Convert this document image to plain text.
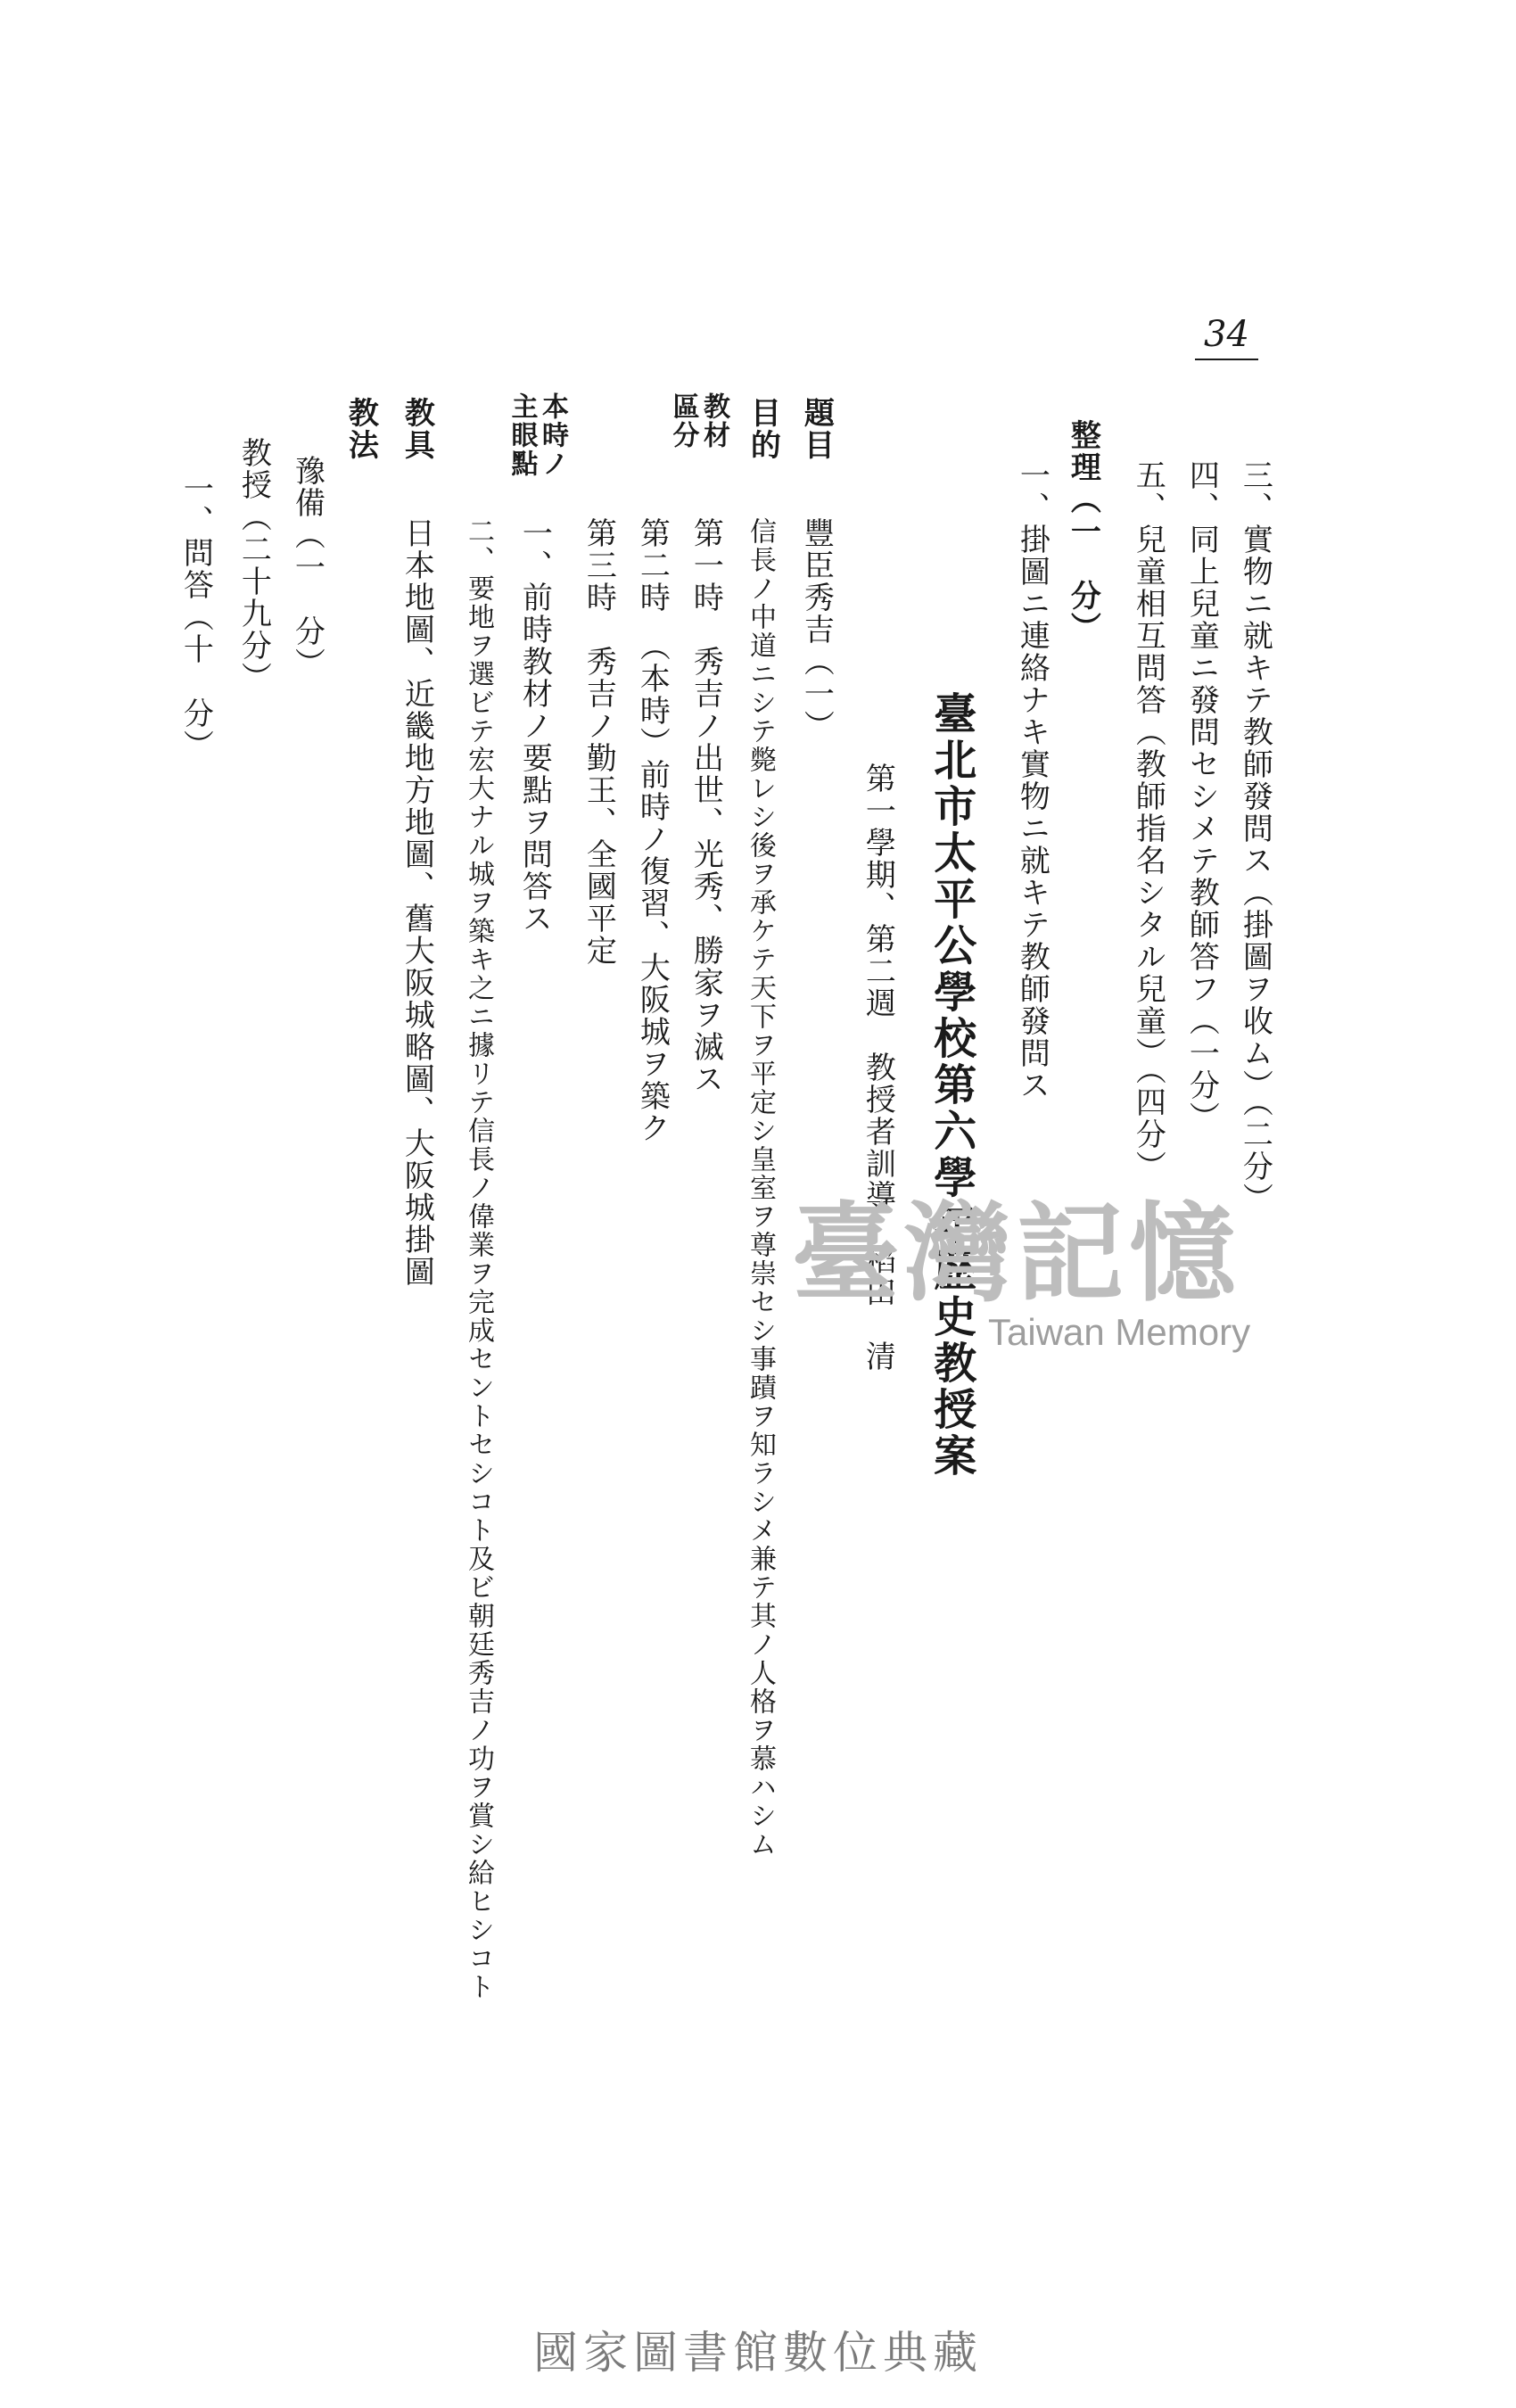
34
三、實物ニ就キテ教師發問ス（掛圖ヲ收ム）（二分）
四、同上兒童ニ發問セシメテ教師答フ（一分）
五、兒童相互問答（教師指名シタル兒童）（四分）
整理（一　分）
一、掛圖ニ連絡ナキ實物ニ就キテ教師發問ス
臺北市太平公學校第六學年歴史教授案
第一學期、第二週　教授者訓導　稻田　清
題目
豐臣秀吉（一）
目的
信長ノ中道ニシテ斃レシ後ヲ承ケテ天下ヲ平定シ皇室ヲ尊崇セシ事蹟ヲ知ラシメ兼テ其ノ人格ヲ慕ハシム
教材區分
第一時　秀吉ノ出世、光秀、勝家ヲ滅ス
第二時　（本時）前時ノ復習、大阪城ヲ築ク
第三時　秀吉ノ勤王、全國平定
本時ノ主眼點
一、前時教材ノ要點ヲ問答ス
二、要地ヲ選ビテ宏大ナル城ヲ築キ之ニ據リテ信長ノ偉業ヲ完成セントセシコト及ビ朝廷秀吉ノ功ヲ賞シ給ヒシコト
教具
日本地圖、近畿地方地圖、舊大阪城略圖、大阪城掛圖
教法
豫備（一　分）
教授（二十九分）
一、問答（十　分）
臺灣記憶
Taiwan Memory
國家圖書館數位典藏
